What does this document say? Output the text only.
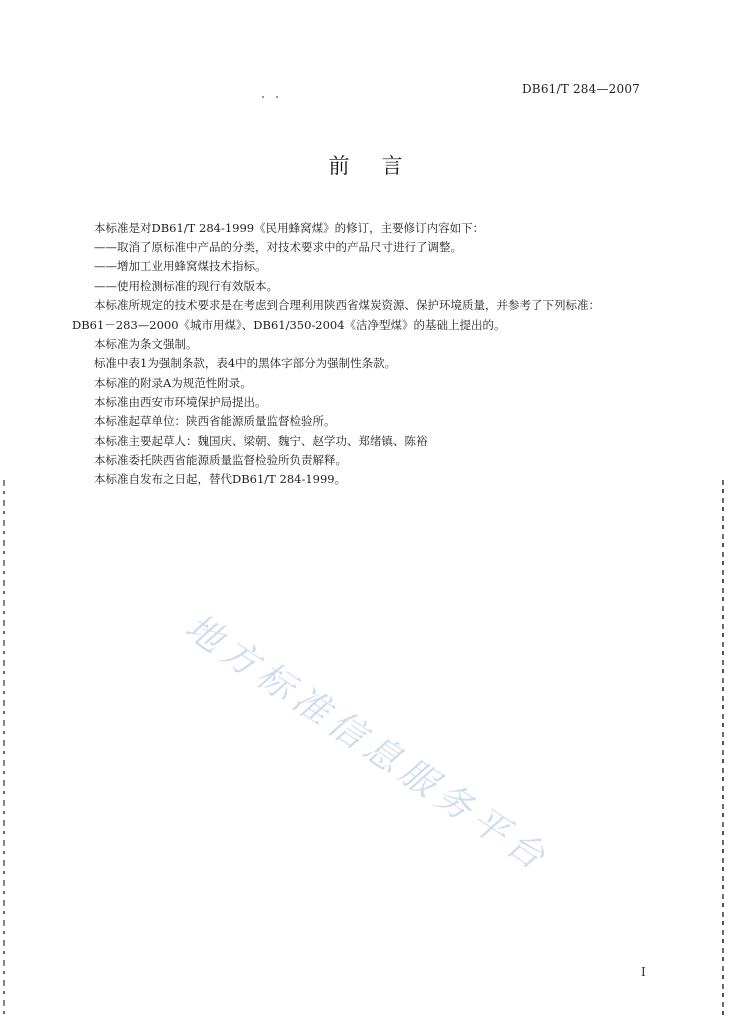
DB61/T 284—2007
前言
本标准是对DB61/T 284-1999《民用蜂窝煤》的修订，主要修订内容如下：
——取消了原标准中产品的分类，对技术要求中的产品尺寸进行了调整。
——增加工业用蜂窝煤技术指标。
——使用检测标准的现行有效版本。
本标准所规定的技术要求是在考虑到合理利用陕西省煤炭资源、保护环境质量，并参考了下列标准：
DB61－283—2000《城市用煤》、DB61/350-2004《洁净型煤》的基础上提出的。
本标准为条文强制。
标准中表1为强制条款，表4中的黑体字部分为强制性条款。
本标准的附录A为规范性附录。
本标准由西安市环境保护局提出。
本标准起草单位：陕西省能源质量监督检验所。
本标准主要起草人：魏国庆、梁朝、魏宁、赵学功、郑绪镇、陈裕
本标准委托陕西省能源质量监督检验所负责解释。
本标准自发布之日起，替代DB61/T 284-1999。
地方标准信息服务平台
I
